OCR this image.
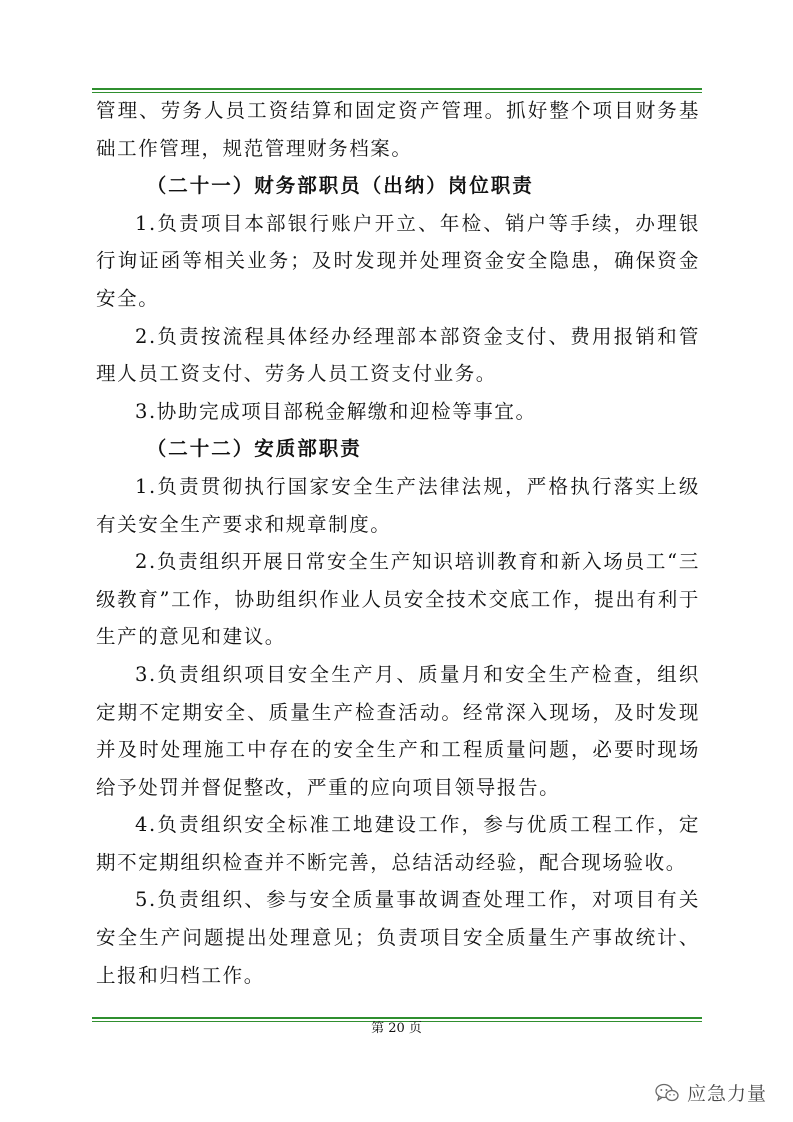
管理、劳务人员工资结算和固定资产管理。抓好整个项目财务基础工作管理，规范管理财务档案。

（二十一）财务部职员（出纳）岗位职责

1.负责项目本部银行账户开立、年检、销户等手续，办理银行询证函等相关业务；及时发现并处理资金安全隐患，确保资金安全。

2.负责按流程具体经办经理部本部资金支付、费用报销和管理人员工资支付、劳务人员工资支付业务。

3.协助完成项目部税金解缴和迎检等事宜。

（二十二）安质部职责

1.负责贯彻执行国家安全生产法律法规，严格执行落实上级有关安全生产要求和规章制度。

2.负责组织开展日常安全生产知识培训教育和新入场员工“三级教育”工作，协助组织作业人员安全技术交底工作，提出有利于生产的意见和建议。

3.负责组织项目安全生产月、质量月和安全生产检查，组织定期不定期安全、质量生产检查活动。经常深入现场，及时发现并及时处理施工中存在的安全生产和工程质量问题，必要时现场给予处罚并督促整改，严重的应向项目领导报告。

4.负责组织安全标准工地建设工作，参与优质工程工作，定期不定期组织检查并不断完善，总结活动经验，配合现场验收。

5.负责组织、参与安全质量事故调查处理工作，对项目有关安全生产问题提出处理意见；负责项目安全质量生产事故统计、上报和归档工作。

第 20 页
应急力量
